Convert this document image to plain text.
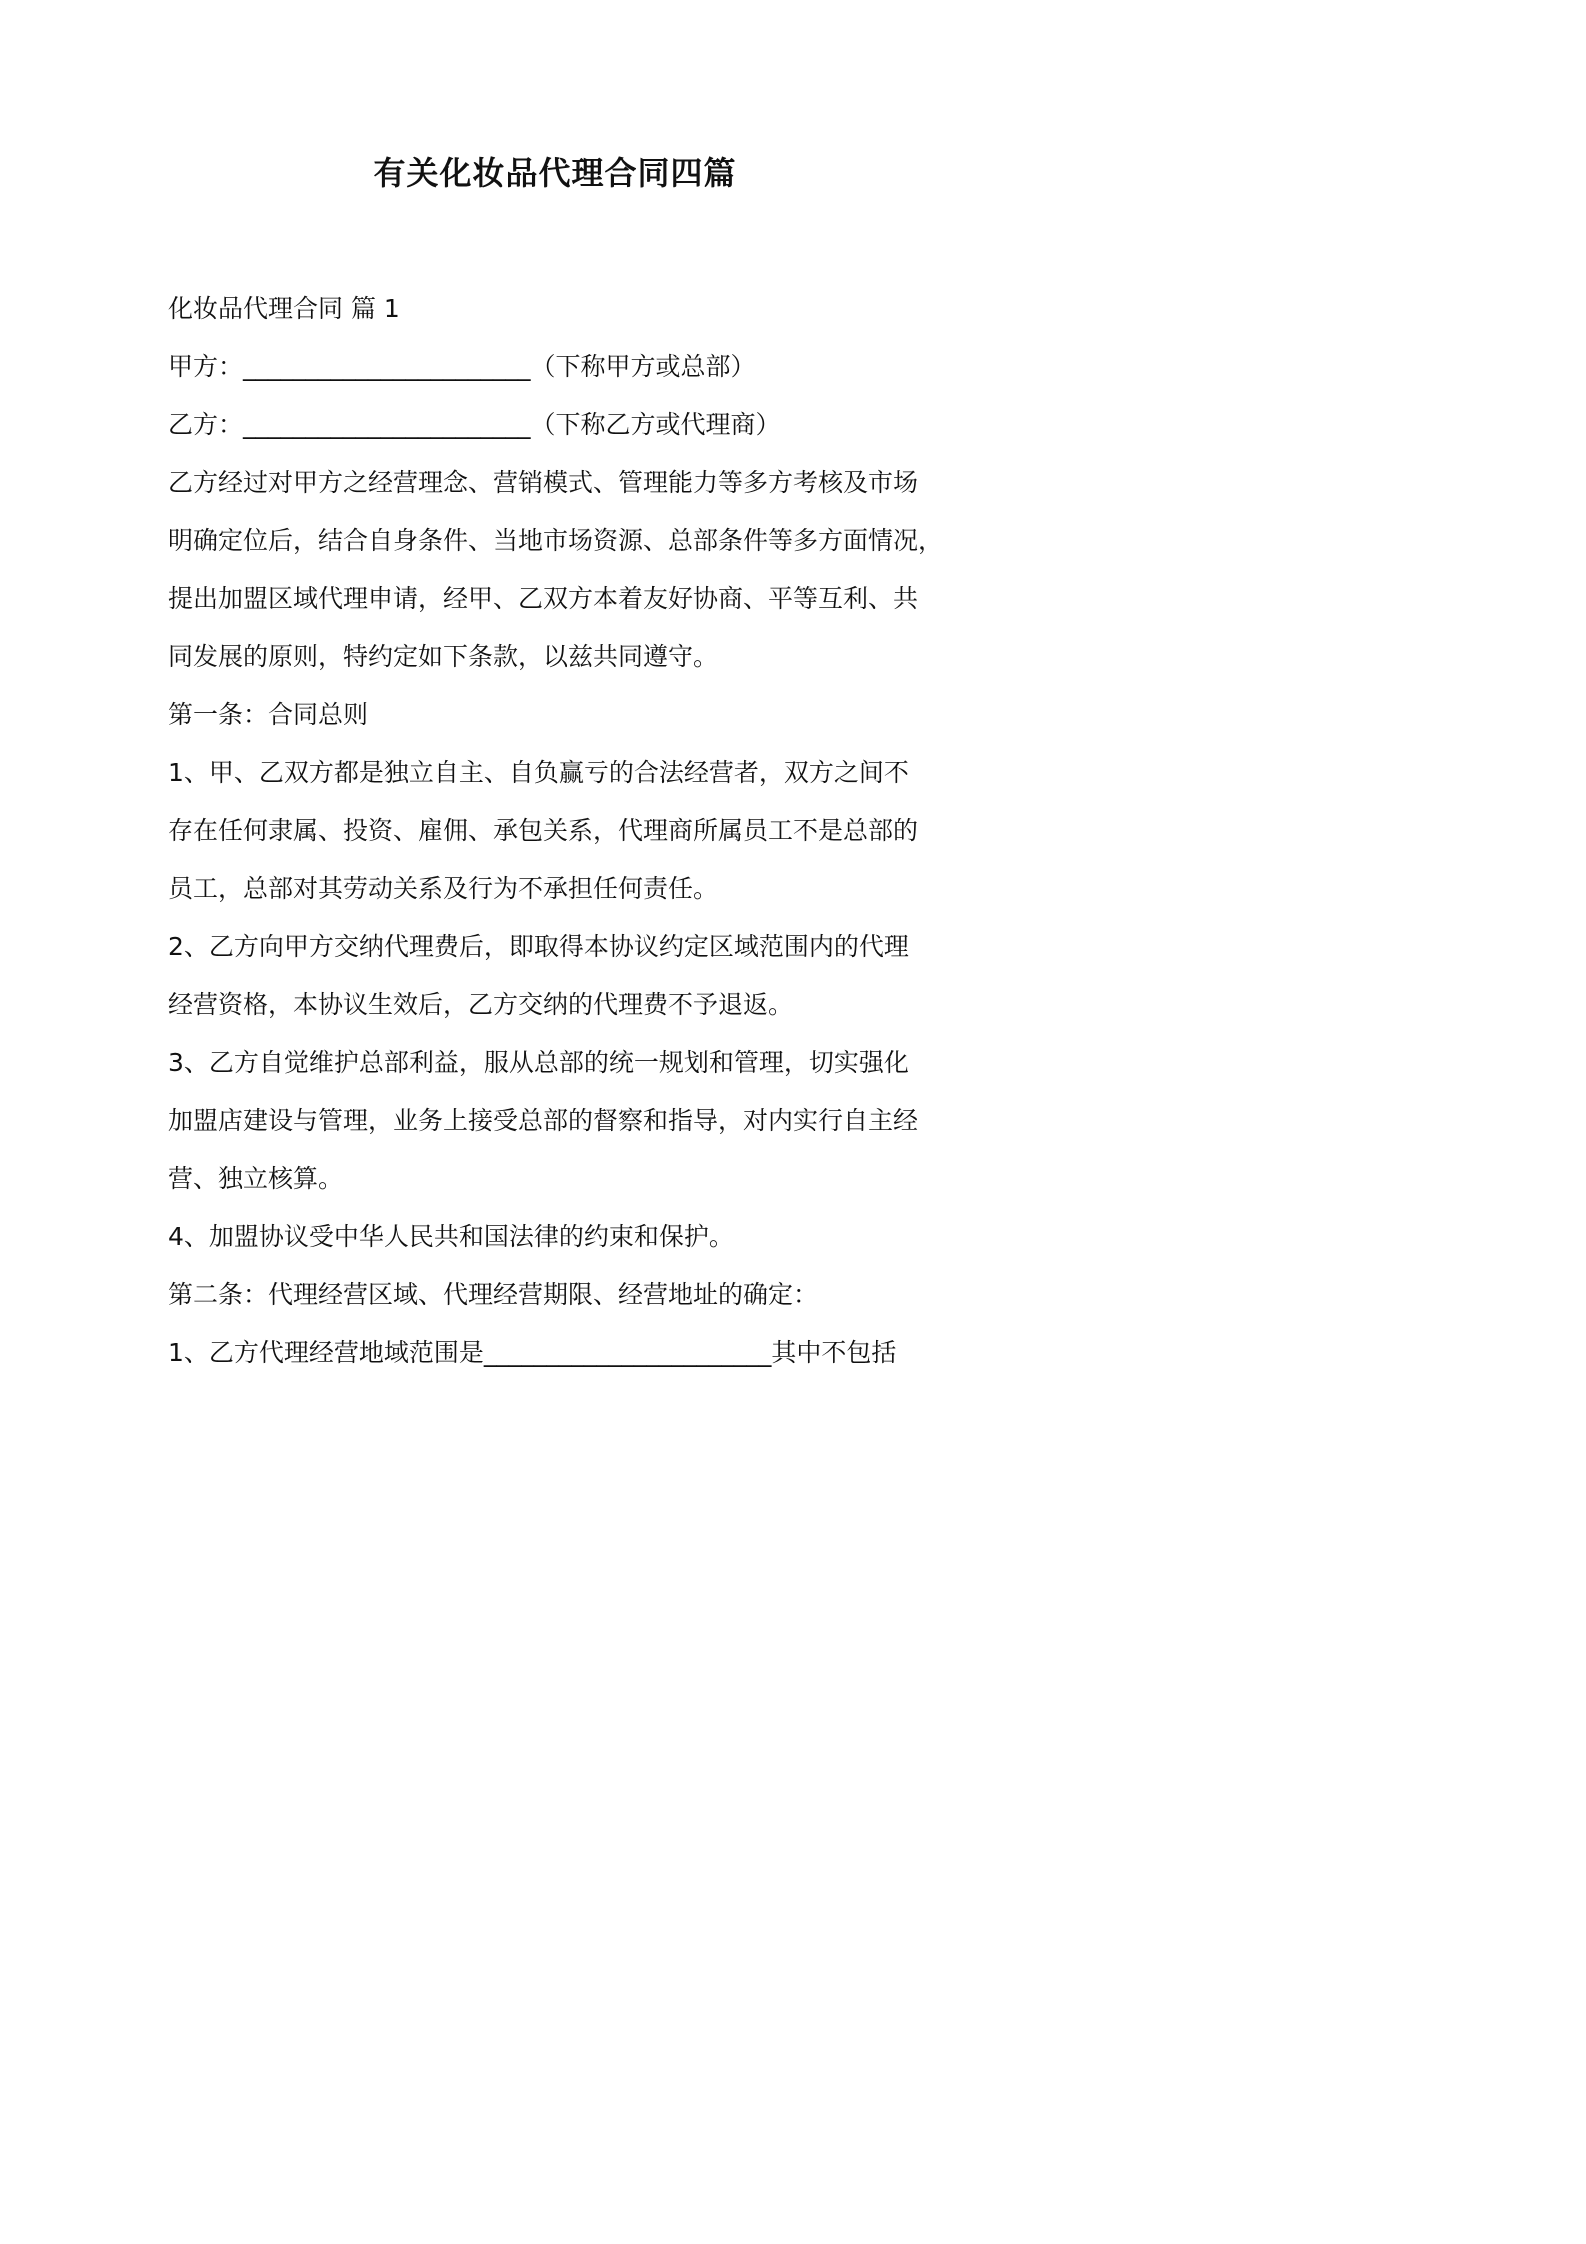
有关化妆品代理合同四篇
化妆品代理合同 篇 1
甲方：_______________________（下称甲方或总部）
乙方：_______________________（下称乙方或代理商）
乙方经过对甲方之经营理念、营销模式、管理能力等多方考核及市场
明确定位后，结合自身条件、当地市场资源、总部条件等多方面情况，
提出加盟区域代理申请，经甲、乙双方本着友好协商、平等互利、共
同发展的原则，特约定如下条款，以兹共同遵守。
第一条：合同总则
1、甲、乙双方都是独立自主、自负赢亏的合法经营者，双方之间不
存在任何隶属、投资、雇佣、承包关系，代理商所属员工不是总部的
员工，总部对其劳动关系及行为不承担任何责任。
2、乙方向甲方交纳代理费后，即取得本协议约定区域范围内的代理
经营资格，本协议生效后，乙方交纳的代理费不予退返。
3、乙方自觉维护总部利益，服从总部的统一规划和管理，切实强化
加盟店建设与管理，业务上接受总部的督察和指导，对内实行自主经
营、独立核算。
4、加盟协议受中华人民共和国法律的约束和保护。
第二条：代理经营区域、代理经营期限、经营地址的确定：
1、乙方代理经营地域范围是_______________________其中不包括
